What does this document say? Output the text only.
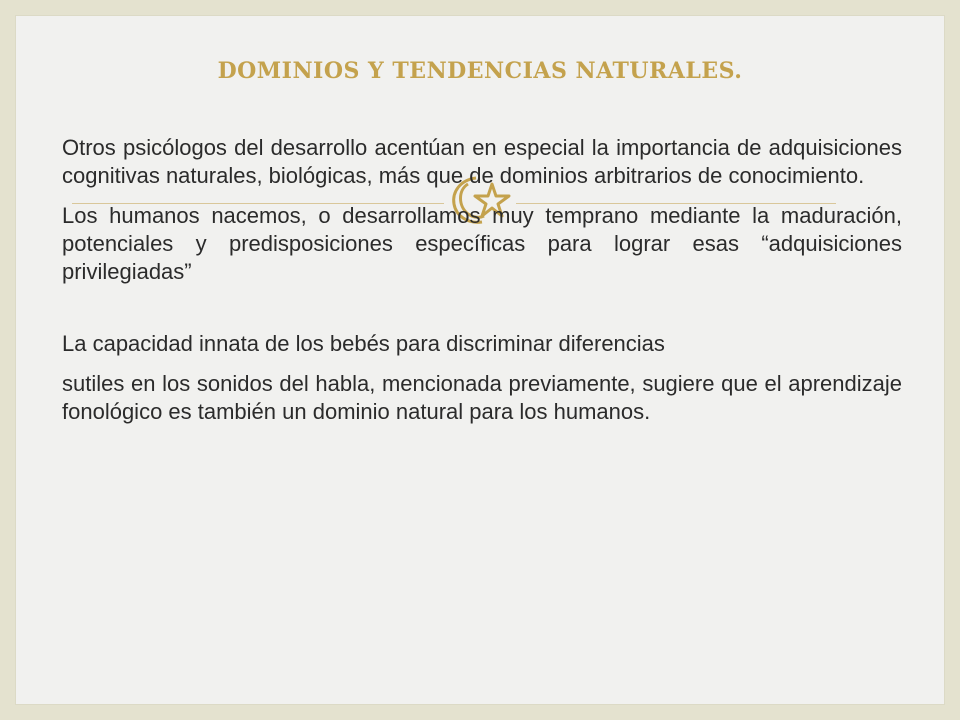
DOMINIOS Y TENDENCIAS NATURALES.

Otros psicólogos del desarrollo acentúan en especial la importancia de adquisiciones cognitivas naturales, biológicas, más que de dominios arbitrarios de conocimiento.

Los humanos nacemos, o desarrollamos muy temprano mediante la maduración, potenciales y predisposiciones específicas para lograr esas “adquisiciones privilegiadas”

La capacidad innata de los bebés para discriminar diferencias

sutiles en los sonidos del habla, mencionada previamente, sugiere que el aprendizaje fonológico es también un dominio natural para los humanos.
